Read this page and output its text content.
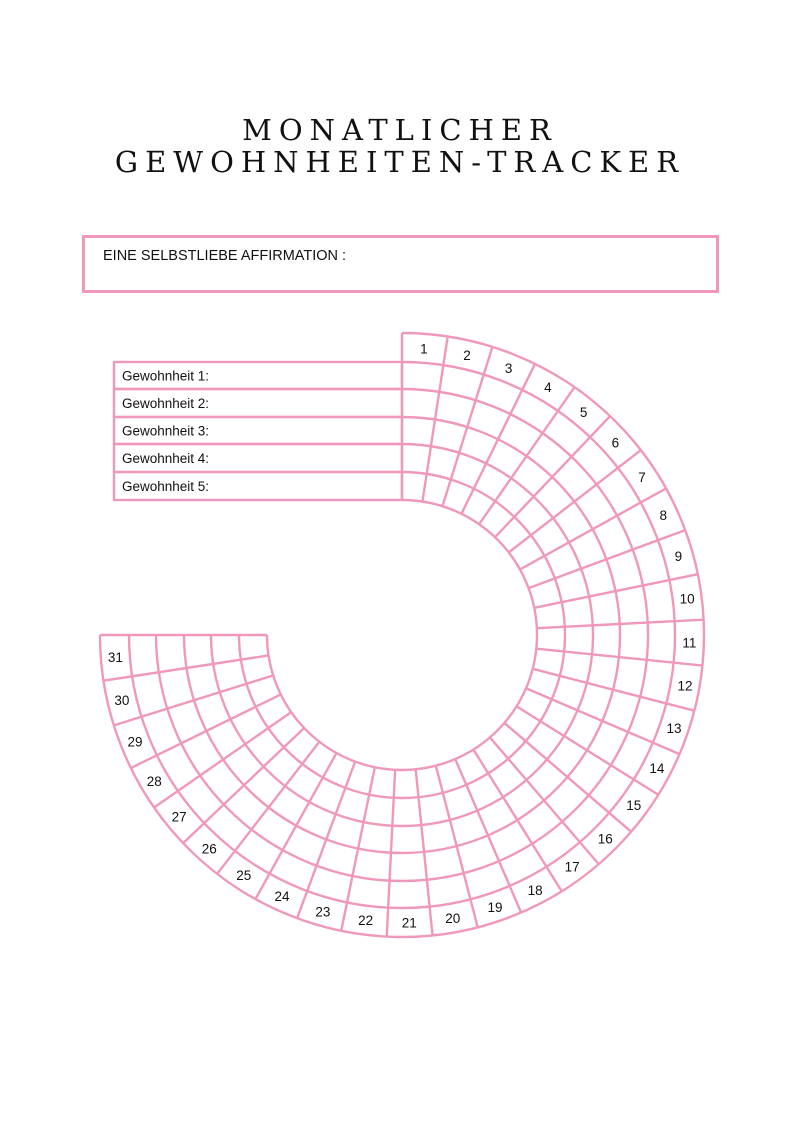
MONATLICHER
GEWOHNHEITEN-TRACKER
EINE SELBSTLIEBE AFFIRMATION :
Gewohnheit 1:
Gewohnheit 2:
Gewohnheit 3:
Gewohnheit 4:
Gewohnheit 5:
1	2
3
4
5
6
7
8
9
10
11
12
13
14
15
16
17
18
19
20
21
22
23
24
25
26
27
28
29
30
31
